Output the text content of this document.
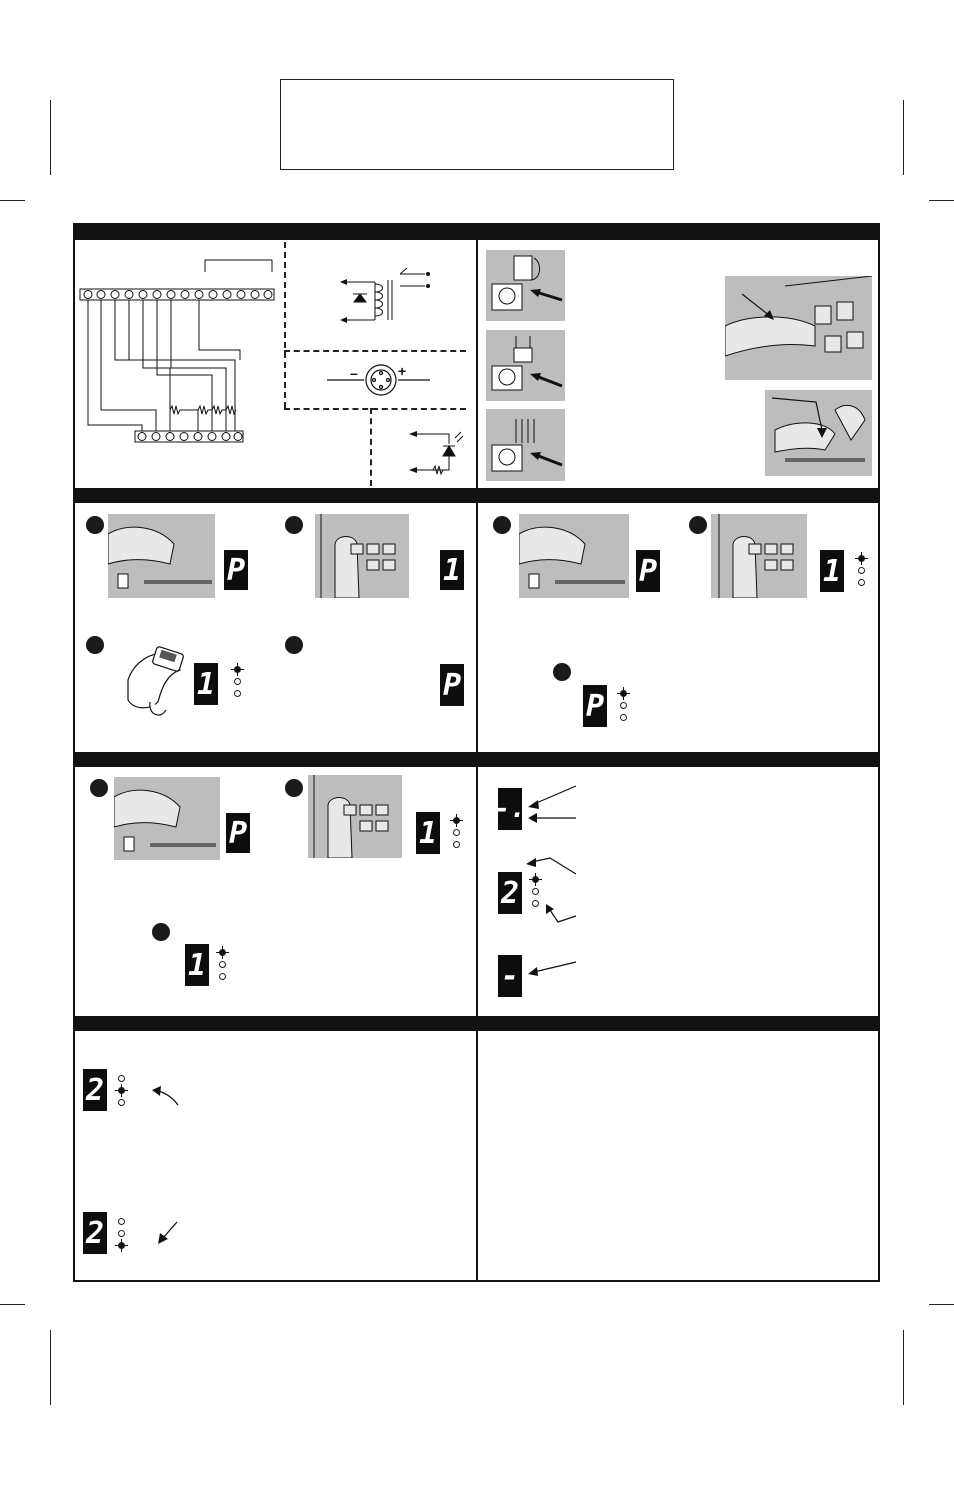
–	+
P	1
1	P
P	1
P
P	1
1
-.
2
-
2
2
